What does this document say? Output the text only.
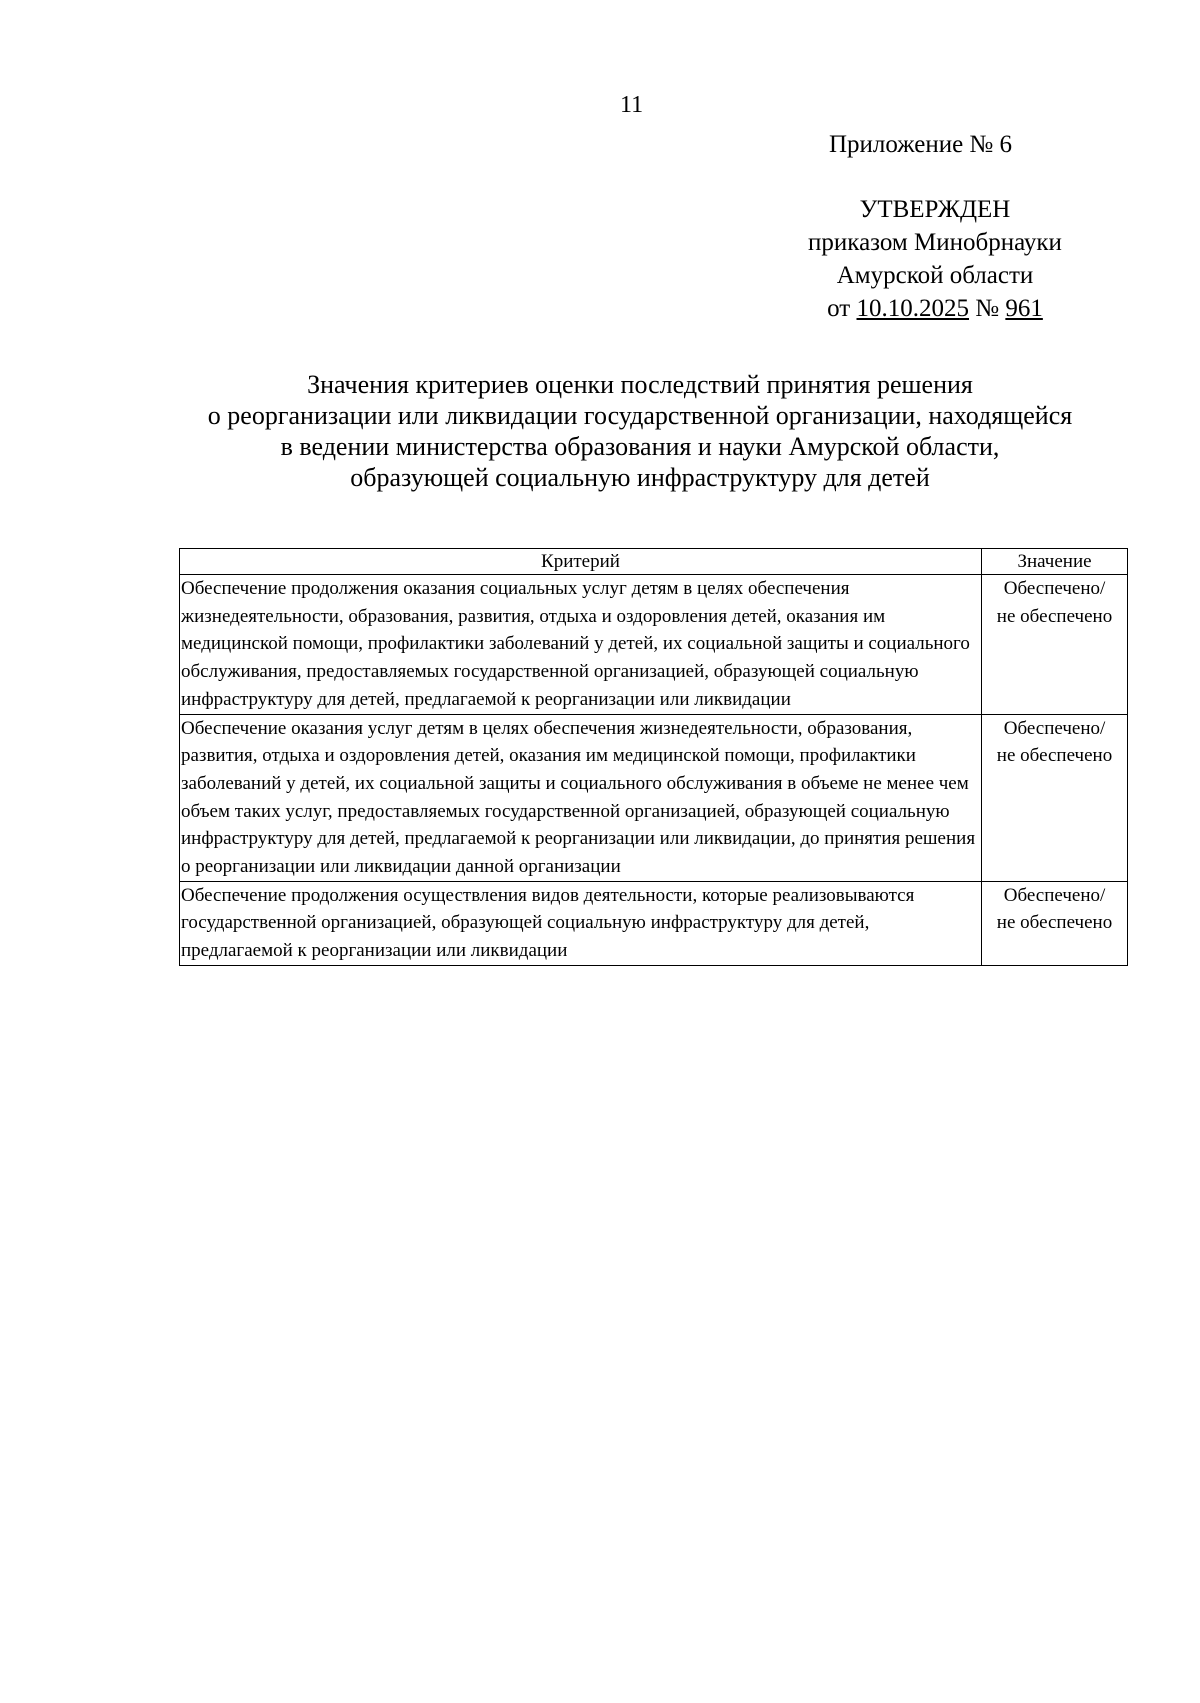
11
Приложение № 6
УТВЕРЖДЕН
приказом Минобрнауки
Амурской области
от 10.10.2025 № 961
Значения критериев оценки последствий принятия решения
о реорганизации или ликвидации государственной организации, находящейся
в ведении министерства образования и науки Амурской области,
образующей социальную инфраструктуру для детей
Критерий	Значение
Обеспечение продолжения оказания социальных услуг детям в целях обеспечения жизнедеятельности, образования, развития, отдыха и оздоровления детей, оказания им медицинской помощи, профилактики заболеваний у детей, их социальной защиты и социального обслуживания, предоставляемых государственной организацией, образующей социальную инфраструктуру для детей, предлагаемой к реорганизации или ликвидации	Обеспечено/
не обеспечено

Обеспечение оказания услуг детям в целях обеспечения жизнедеятельности, образования, развития, отдыха и оздоровления детей, оказания им медицинской помощи, профилактики заболеваний у детей, их социальной защиты и социального обслуживания в объеме не менее чем объем таких услуг, предоставляемых государственной организацией, образующей социальную инфраструктуру для детей, предлагаемой к реорганизации или ликвидации, до принятия решения о реорганизации или ликвидации данной организации	Обеспечено/
не обеспечено

Обеспечение продолжения осуществления видов деятельности, которые реализовываются государственной организацией, образующей социальную инфраструктуру для детей, предлагаемой к реорганизации или ликвидации	Обеспечено/
не обеспечено
